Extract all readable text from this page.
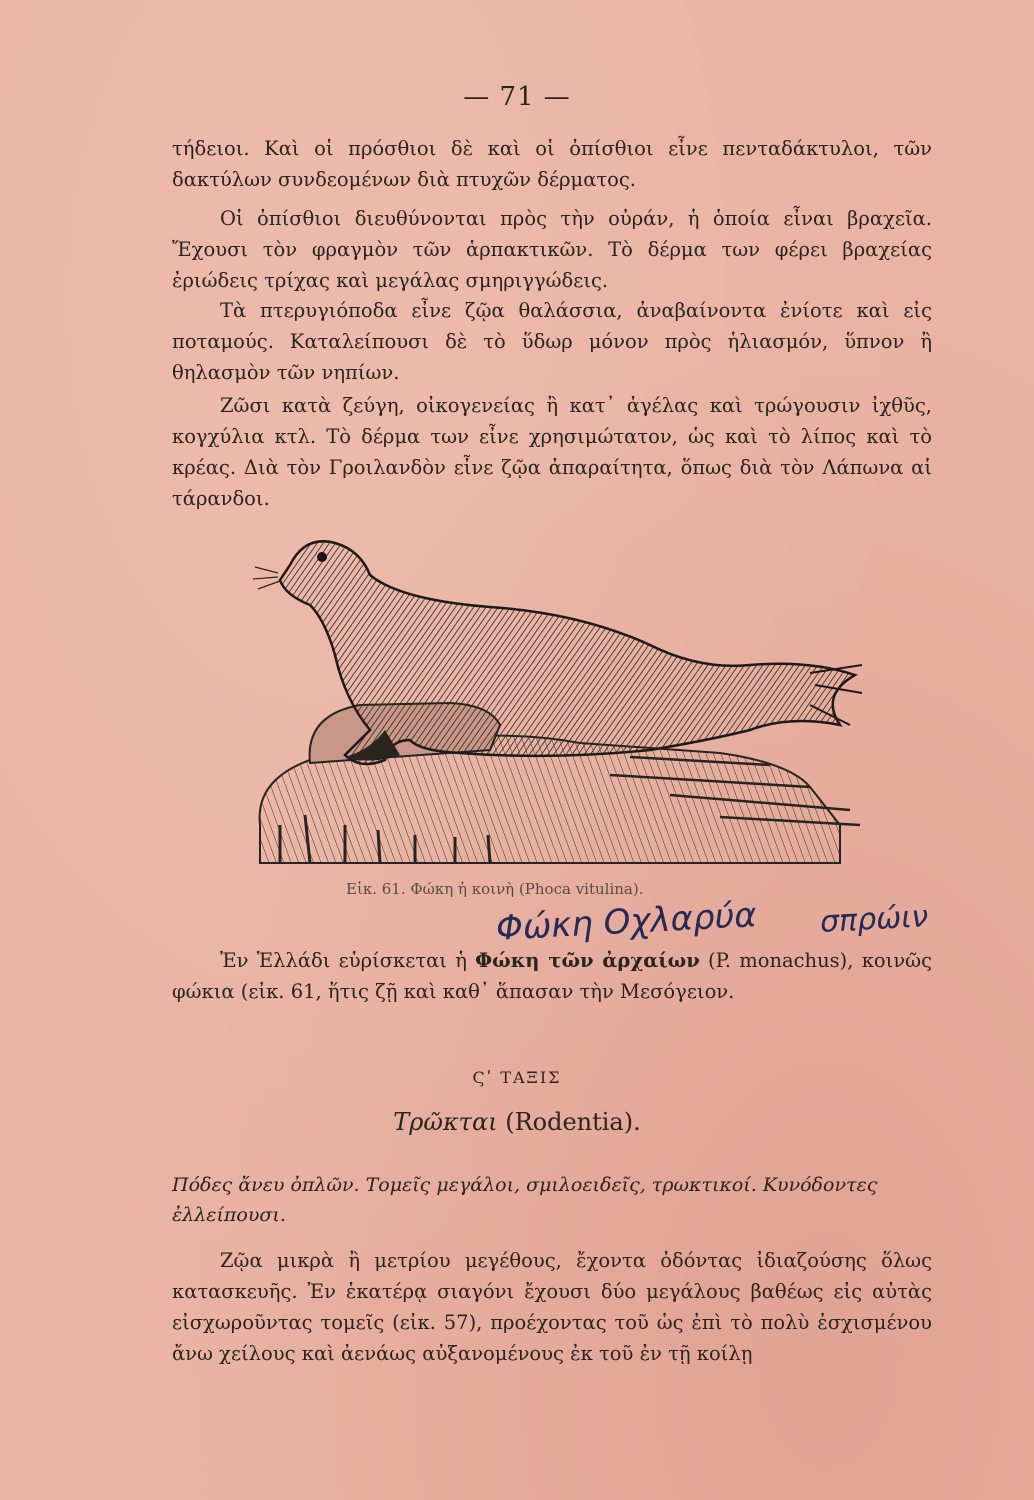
— 71 —

τήδειοι. Καὶ οἱ πρόσθιοι δὲ καὶ οἱ ὀπίσθιοι εἶνε πενταδάκτυλοι, τῶν δακτύλων συνδεομένων διὰ πτυχῶν δέρματος.

Οἱ ὀπίσθιοι διευθύνονται πρὸς τὴν οὐράν, ἡ ὁποία εἶναι βραχεῖα. Ἔχουσι τὸν φραγμὸν τῶν ἁρπακτικῶν. Τὸ δέρμα των φέρει βραχείας ἐριώδεις τρίχας καὶ μεγάλας σμηριγγώδεις.

Τὰ πτερυγιόποδα εἶνε ζῷα θαλάσσια, ἀναβαίνοντα ἐνίοτε καὶ εἰς ποταμούς. Καταλείπουσι δὲ τὸ ὕδωρ μόνον πρὸς ἡλιασμόν, ὕπνον ἢ θηλασμὸν τῶν νηπίων.

Ζῶσι κατὰ ζεύγη, οἰκογενείας ἢ κατ᾽ ἀγέλας καὶ τρώγουσιν ἰχθῦς, κογχύλια κτλ. Τὸ δέρμα των εἶνε χρησιμώτατον, ὡς καὶ τὸ λίπος καὶ τὸ κρέας. Διὰ τὸν Γροιλανδὸν εἶνε ζῷα ἀπαραίτητα, ὅπως διὰ τὸν Λάπωνα αἱ τάρανδοι.

Εἰκ. 61. Φώκη ἡ κοινὴ (Phoca vitulina).
Φώκη Οχλαρύα σπρώιν

Ἐν Ἑλλάδι εὑρίσκεται ἡ Φώκη τῶν ἀρχαίων (P. monachus), κοινῶς φώκια (εἰκ. 61, ἥτις ζῇ καὶ καθ᾽ ἅπασαν τὴν Μεσόγειον.

Ϛʹ ΤΑΞΙΣ
Τρῶκται (Rodentia).

Πόδες ἄνευ ὀπλῶν. Τομεῖς μεγάλοι, σμιλοειδεῖς, τρωκτικοί. Κυνόδοντες ἐλλείπουσι.

Ζῷα μικρὰ ἢ μετρίου μεγέθους, ἔχοντα ὀδόντας ἰδιαζούσης ὅλως κατασκευῆς. Ἐν ἑκατέρᾳ σιαγόνι ἔχουσι δύο μεγάλους βαθέως εἰς αὐτὰς εἰσχωροῦντας τομεῖς (εἰκ. 57), προέχοντας τοῦ ὡς ἐπὶ τὸ πολὺ ἐσχισμένου ἄνω χείλους καὶ ἀενάως αὐξανομένους ἐκ τοῦ ἐν τῇ κοίλῃ
